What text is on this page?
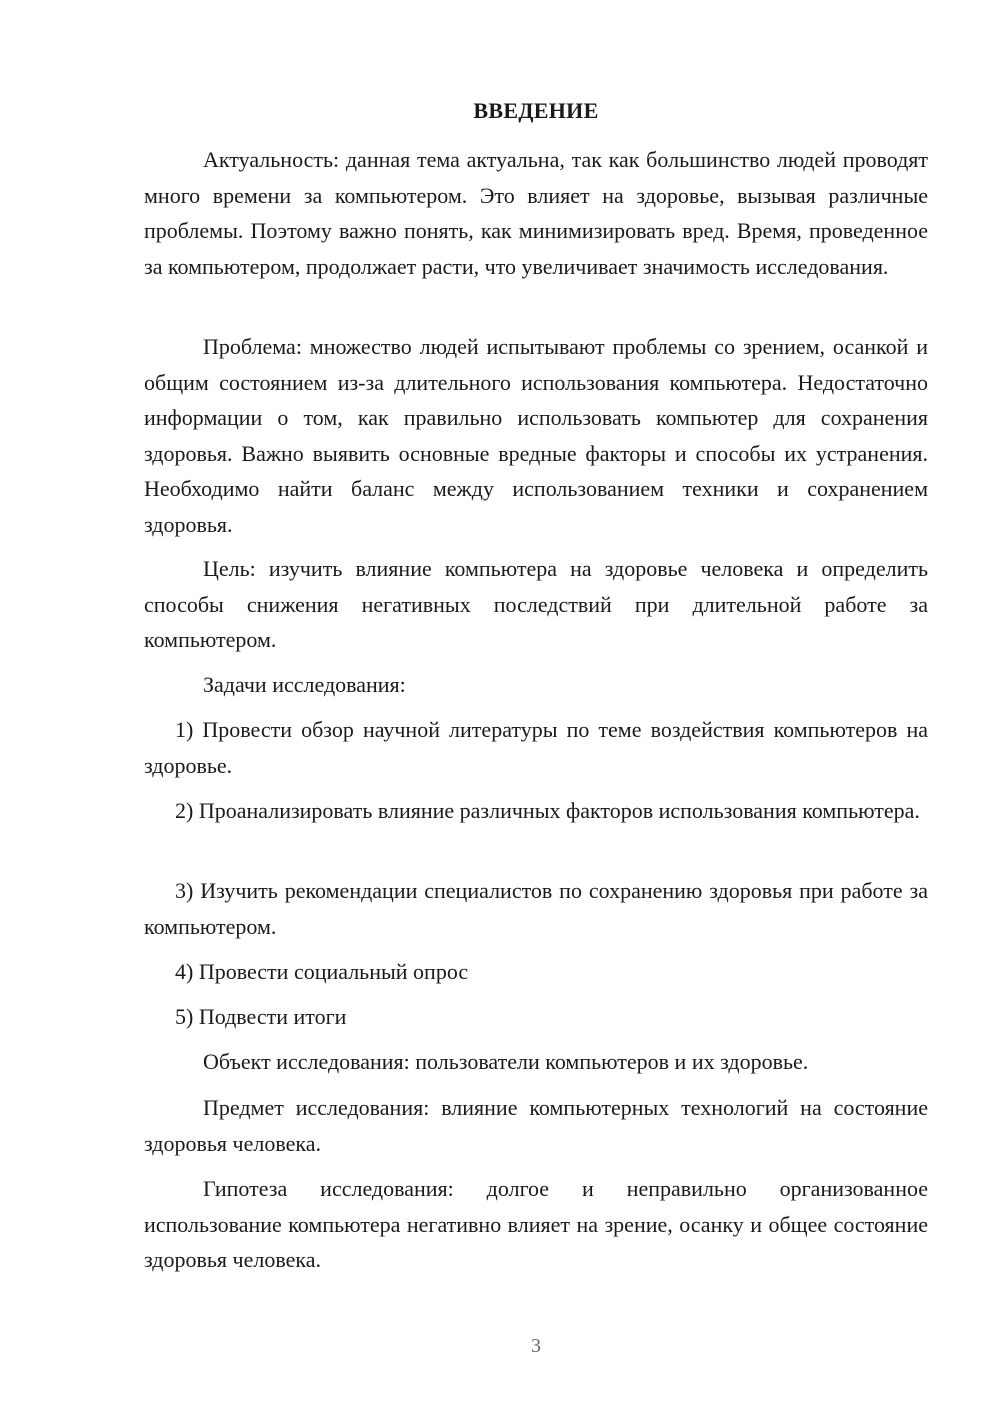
ВВЕДЕНИЕ

Актуальность: данная тема актуальна, так как большинство людей проводят много времени за компьютером. Это влияет на здоровье, вызывая различные проблемы. Поэтому важно понять, как минимизировать вред. Время, проведенное за компьютером, продолжает расти, что увеличивает значимость исследования.

Проблема: множество людей испытывают проблемы со зрением, осанкой и общим состоянием из-за длительного использования компьютера. Недостаточно информации о том, как правильно использовать компьютер для сохранения здоровья. Важно выявить основные вредные факторы и способы их устранения. Необходимо найти баланс между использованием техники и сохранением здоровья.

Цель: изучить влияние компьютера на здоровье человека и определить способы снижения негативных последствий при длительной работе за компьютером.

Задачи исследования:

1) Провести обзор научной литературы по теме воздействия компьютеров на здоровье.

2) Проанализировать влияние различных факторов использования компьютера.

3) Изучить рекомендации специалистов по сохранению здоровья при работе за компьютером.

4) Провести социальный опрос

5) Подвести итоги

Объект исследования: пользователи компьютеров и их здоровье.

Предмет исследования: влияние компьютерных технологий на состояние здоровья человека.

Гипотеза исследования: долгое и неправильно организованное использование компьютера негативно влияет на зрение, осанку и общее состояние здоровья человека.

3
